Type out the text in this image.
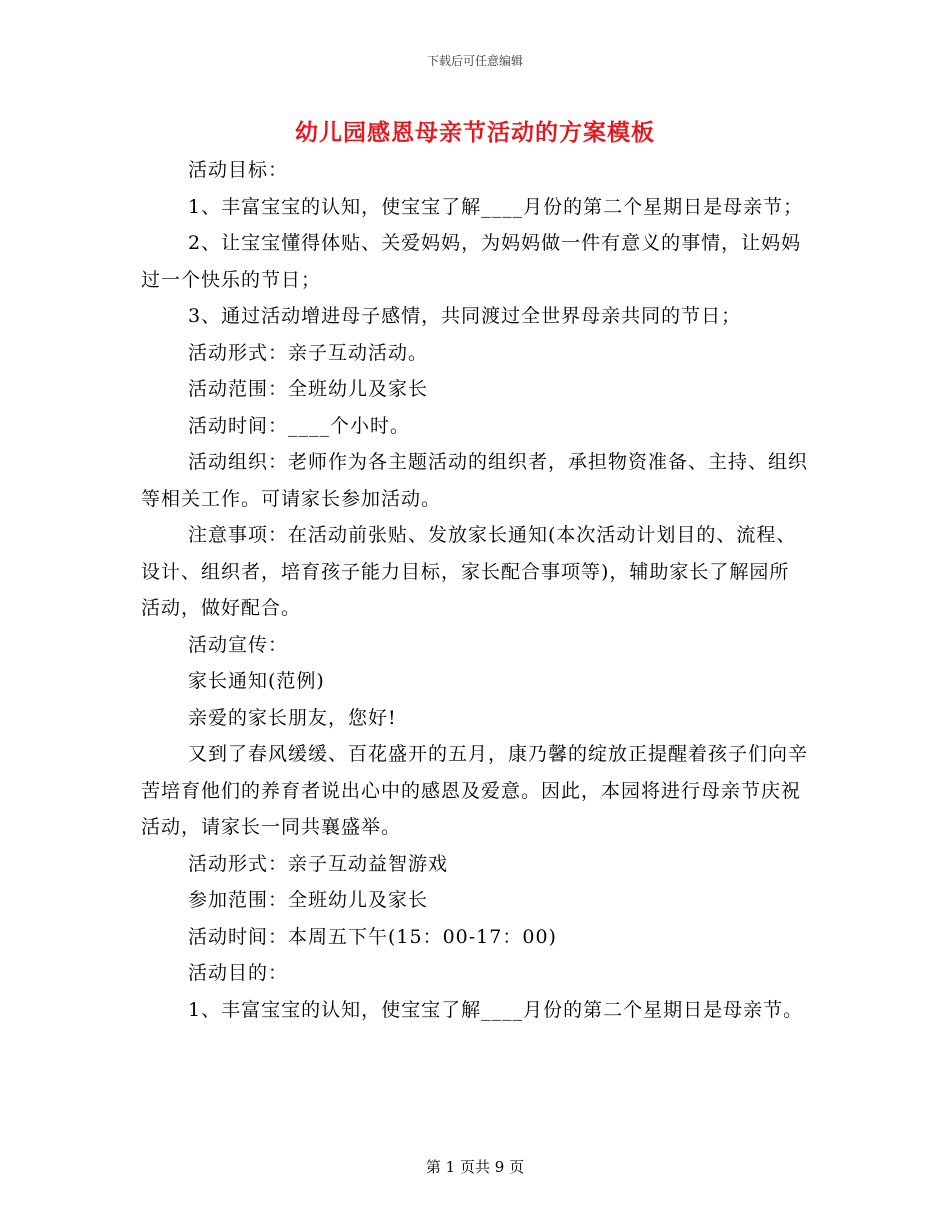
下载后可任意编辑
幼儿园感恩母亲节活动的方案模板

活动目标：

1、丰富宝宝的认知，使宝宝了解____月份的第二个星期日是母亲节；

2、让宝宝懂得体贴、关爱妈妈，为妈妈做一件有意义的事情，让妈妈过一个快乐的节日；

3、通过活动增进母子感情，共同渡过全世界母亲共同的节日；

活动形式：亲子互动活动。

活动范围：全班幼儿及家长

活动时间：____个小时。

活动组织：老师作为各主题活动的组织者，承担物资准备、主持、组织等相关工作。可请家长参加活动。

注意事项：在活动前张贴、发放家长通知(本次活动计划目的、流程、设计、组织者，培育孩子能力目标，家长配合事项等)，辅助家长了解园所活动，做好配合。

活动宣传：

家长通知(范例)

亲爱的家长朋友，您好!

又到了春风缓缓、百花盛开的五月，康乃馨的绽放正提醒着孩子们向辛苦培育他们的养育者说出心中的感恩及爱意。因此，本园将进行母亲节庆祝活动，请家长一同共襄盛举。

活动形式：亲子互动益智游戏

参加范围：全班幼儿及家长

活动时间：本周五下午(15：00-17：00)

活动目的：

1、丰富宝宝的认知，使宝宝了解____月份的第二个星期日是母亲节。

第 1 页共 9 页
